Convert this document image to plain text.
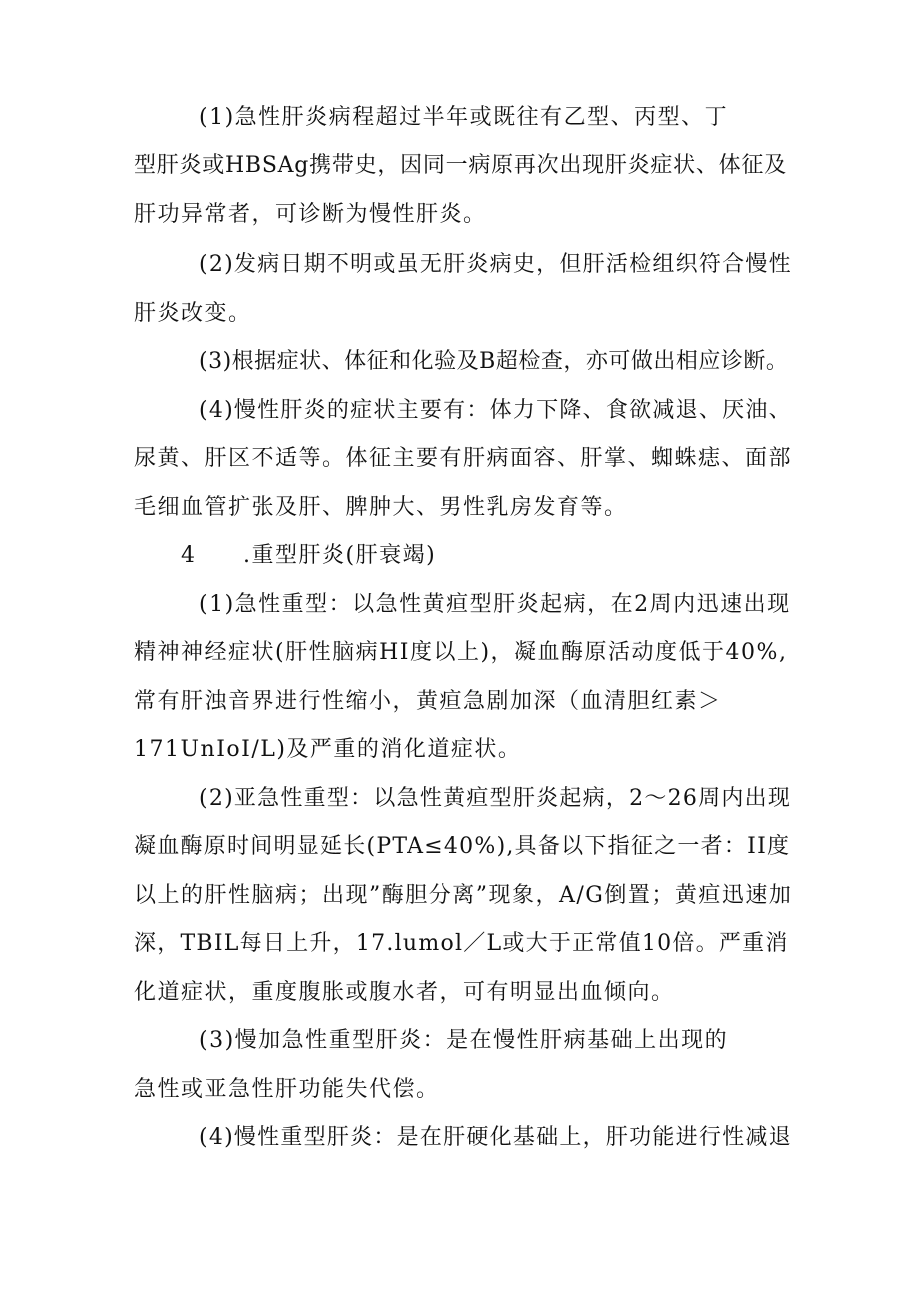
(1)急性肝炎病程超过半年或既往有乙型、丙型、丁
型肝炎或HBSAg携带史，因同一病原再次出现肝炎症状、体征及
肝功异常者，可诊断为慢性肝炎。
(2)发病日期不明或虽无肝炎病史，但肝活检组织符合慢性
肝炎改变。
(3)根据症状、体征和化验及B超检查，亦可做出相应诊断。
(4)慢性肝炎的症状主要有：体力下降、食欲减退、厌油、
尿黄、肝区不适等。体征主要有肝病面容、肝掌、蜘蛛痣、面部
毛细血管扩张及肝、脾肿大、男性乳房发育等。
4 .重型肝炎(肝衰竭)
(1)急性重型：以急性黄疸型肝炎起病，在2周内迅速出现
精神神经症状(肝性脑病HI度以上)，凝血酶原活动度低于40%,
常有肝浊音界进行性缩小，黄疸急剧加深（血清胆红素＞
171UnIoI/L)及严重的消化道症状。
(2)亚急性重型：以急性黄疸型肝炎起病，2～26周内出现
凝血酶原时间明显延长(PTA≤40%),具备以下指征之一者：II度
以上的肝性脑病；出现”酶胆分离”现象，A/G倒置；黄疸迅速加
深，TBIL每日上升，17.lumol／L或大于正常值10倍。严重消
化道症状，重度腹胀或腹水者，可有明显出血倾向。
(3)慢加急性重型肝炎：是在慢性肝病基础上出现的
急性或亚急性肝功能失代偿。
(4)慢性重型肝炎：是在肝硬化基础上，肝功能进行性减退
